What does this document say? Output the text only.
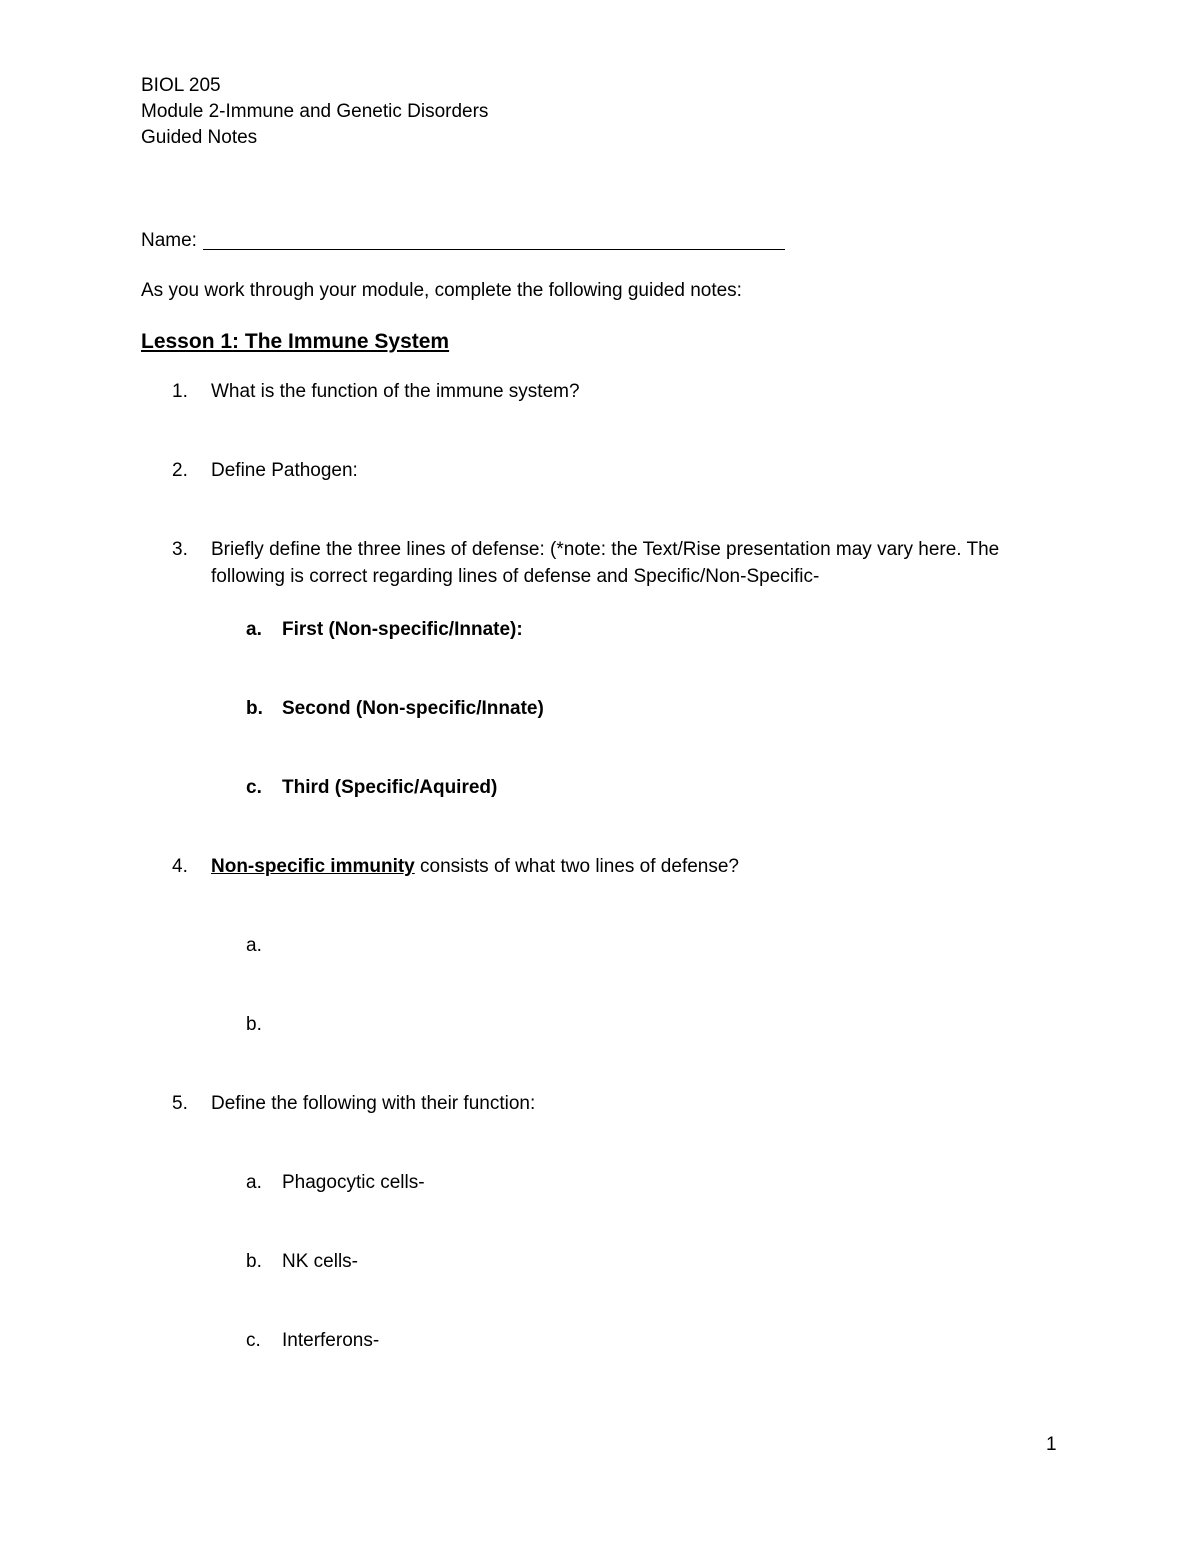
BIOL 205
Module 2-Immune and Genetic Disorders
Guided Notes
Name:
As you work through your module, complete the following guided notes:
Lesson 1: The Immune System
1. What is the function of the immune system?
2. Define Pathogen:
3. Briefly define the three lines of defense: (*note: the Text/Rise presentation may vary here. The
following is correct regarding lines of defense and Specific/Non-Specific-
a. First (Non-specific/Innate):
b. Second (Non-specific/Innate)
c. Third (Specific/Aquired)
4. Non-specific immunity consists of what two lines of defense?
a.
b.
5. Define the following with their function:
a. Phagocytic cells-
b. NK cells-
c. Interferons-
1
